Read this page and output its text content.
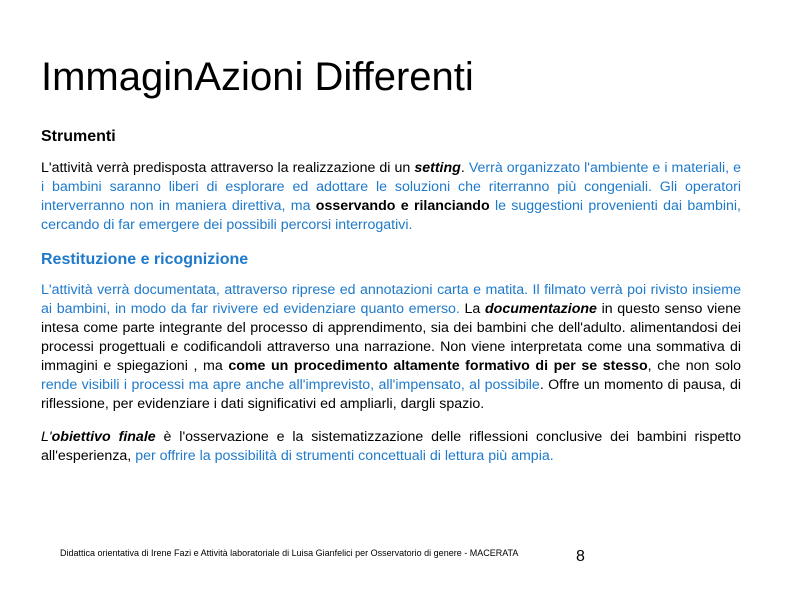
ImmaginAzioni Differenti
Strumenti

L'attività verrà predisposta attraverso la realizzazione di un setting. Verrà organizzato l'ambiente e i materiali, e i bambini saranno liberi di esplorare ed adottare le soluzioni che riterranno più congeniali. Gli operatori interverranno non in maniera direttiva, ma osservando e rilanciando le suggestioni provenienti dai bambini, cercando di far emergere dei possibili percorsi interrogativi.

Restituzione e ricognizione

L'attività verrà documentata, attraverso riprese ed annotazioni carta e matita. Il filmato verrà poi rivisto insieme ai bambini, in modo da far rivivere ed evidenziare quanto emerso. La documentazione in questo senso viene intesa come parte integrante del processo di apprendimento, sia dei bambini che dell'adulto. alimentandosi dei processi progettuali e codificandoli attraverso una narrazione. Non viene interpretata come una sommativa di immagini e spiegazioni , ma come un procedimento altamente formativo di per se stesso, che non solo rende visibili i processi ma apre anche all'imprevisto, all'impensato, al possibile. Offre un momento di pausa, di riflessione, per evidenziare i dati significativi ed ampliarli, dargli spazio.

L'obiettivo finale è l'osservazione e la sistematizzazione delle riflessioni conclusive dei bambini rispetto all'esperienza, per offrire la possibilità di strumenti concettuali di lettura più ampia.

Didattica orientativa di Irene Fazi e Attività laboratoriale di Luisa Gianfelici per Osservatorio di genere - MACERATA	8
